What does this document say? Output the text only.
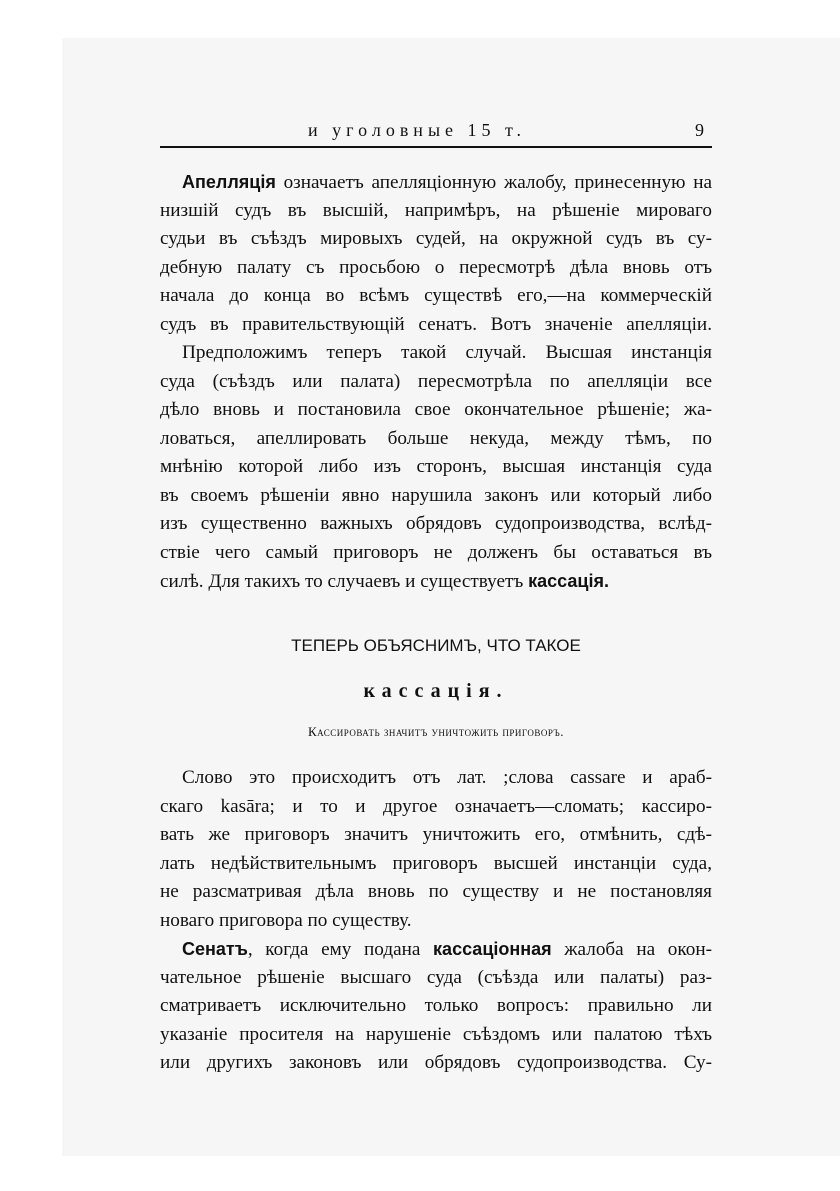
и уголовные 15 т.	9
Апелляція означаетъ апелляціонную жалобу, принесенную на
низшій судъ въ высшій, напримѣръ, на рѣшеніе мироваго
судьи въ съѣздъ мировыхъ судей, на окружной судъ въ су-
дебную палату съ просьбою о пересмотрѣ дѣла вновь отъ
начала до конца во всѣмъ существѣ его,—на коммерческій
судъ въ правительствующій сенатъ. Вотъ значеніе апелляціи.
Предположимъ теперъ такой случай. Высшая инстанція
суда (съѣздъ или палата) пересмотрѣла по апелляціи все
дѣло вновь и постановила свое окончательное рѣшеніе; жа-
ловаться, апеллировать больше некуда, между тѣмъ, по
мнѣнію которой либо изъ сторонъ, высшая инстанція суда
въ своемъ рѣшеніи явно нарушила законъ или который либо
изъ существенно важныхъ обрядовъ судопроизводства, вслѣд-
ствіе чего самый приговоръ не долженъ бы оставаться въ
силѣ. Для такихъ то случаевъ и существуетъ кассація.
ТЕПЕРЬ ОБЪЯСНИМЪ, ЧТО ТАКОЕ
кассація.
Кассировать значитъ уничтожить приговоръ.
Слово это происходитъ отъ лат. ;слова cassare и араб-
скаго kasāra; и то и другое означаетъ—сломать; кассиро-
вать же приговоръ значитъ уничтожить его, отмѣнить, сдѣ-
лать недѣйствительнымъ приговоръ высшей инстанціи суда,
не разсматривая дѣла вновь по существу и не постановляя
новаго приговора по существу.
Сенатъ, когда ему подана кассаціонная жалоба на окон-
чательное рѣшеніе высшаго суда (съѣзда или палаты) раз-
сматриваетъ исключительно только вопросъ: правильно ли
указаніе просителя на нарушеніе съѣздомъ или палатою тѣхъ
или другихъ законовъ или обрядовъ судопроизводства. Су-
